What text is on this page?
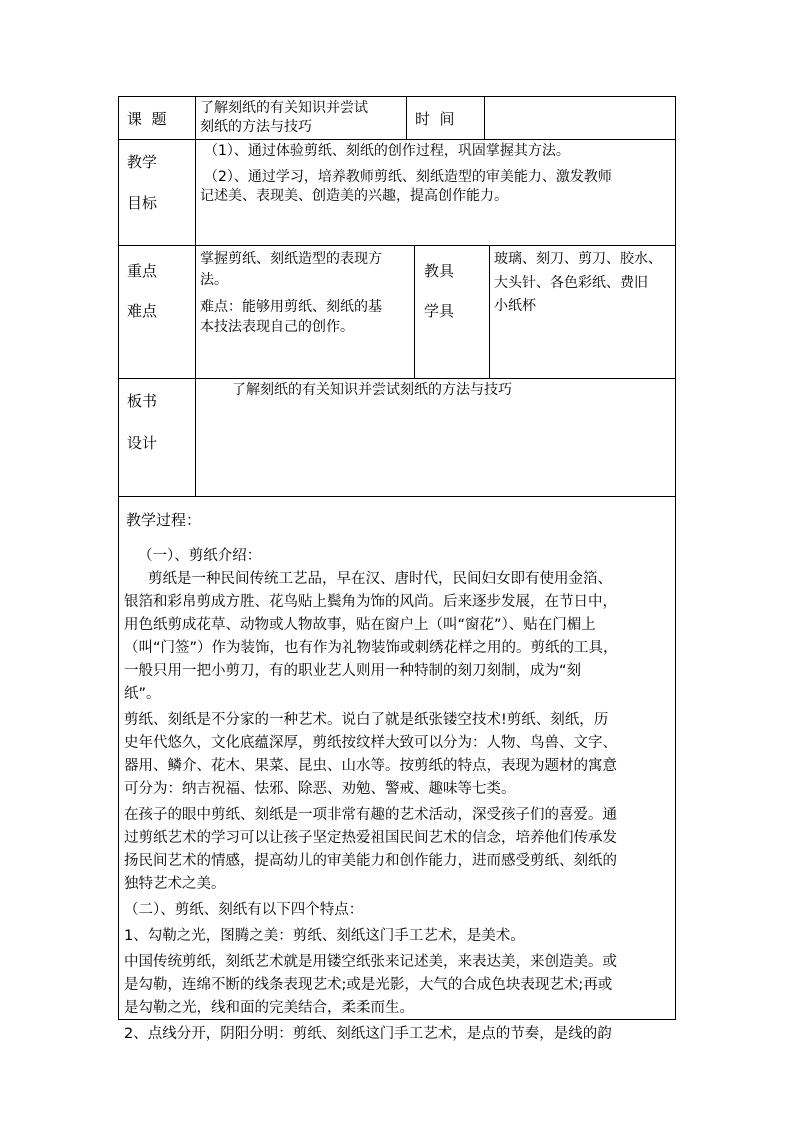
课  题
了解刻纸的有关知识并尝试
刻纸的方法与技巧	时  间
教学
目标
（1）、通过体验剪纸、刻纸的创作过程，巩固掌握其方法。
（2）、通过学习，培养教师剪纸、刻纸造型的审美能力、激发教师
记述美、表现美、创造美的兴趣，提高创作能力。
重点
难点
掌握剪纸、刻纸造型的表现方
法。
难点：能够用剪纸、刻纸的基
本技法表现自己的创作。
教具
学具
玻璃、刻刀、剪刀、胶水、
大头针、各色彩纸、费旧
小纸杯
板书
设计
了解刻纸的有关知识并尝试刻纸的方法与技巧
教学过程：
（一）、剪纸介绍：
剪纸是一种民间传统工艺品，早在汉、唐时代，民间妇女即有使用金箔、
银箔和彩帛剪成方胜、花鸟贴上鬓角为饰的风尚。后来逐步发展，在节日中，
用色纸剪成花草、动物或人物故事，贴在窗户上（叫“窗花”）、贴在门楣上
（叫“门签”）作为装饰，也有作为礼物装饰或刺绣花样之用的。剪纸的工具，
一般只用一把小剪刀，有的职业艺人则用一种特制的刻刀刻制，成为“刻
纸”。
剪纸、刻纸是不分家的一种艺术。说白了就是纸张镂空技术!剪纸、刻纸，历
史年代悠久，文化底蕴深厚，剪纸按纹样大致可以分为：人物、鸟兽、文字、
器用、鳞介、花木、果菜、昆虫、山水等。按剪纸的特点，表现为题材的寓意
可分为：纳吉祝福、怯邪、除恶、劝勉、警戒、趣味等七类。
在孩子的眼中剪纸、刻纸是一项非常有趣的艺术活动，深受孩子们的喜爱。通
过剪纸艺术的学习可以让孩子坚定热爱祖国民间艺术的信念，培养他们传承发
扬民间艺术的情感，提高幼儿的审美能力和创作能力，进而感受剪纸、刻纸的
独特艺术之美。
（二）、剪纸、刻纸有以下四个特点：
1、勾勒之光，图腾之美：剪纸、刻纸这门手工艺术，是美术。
中国传统剪纸，刻纸艺术就是用镂空纸张来记述美，来表达美，来创造美。或
是勾勒，连绵不断的线条表现艺术;或是光影，大气的合成色块表现艺术;再或
是勾勒之光，线和面的完美结合，柔柔而生。
2、点线分开，阴阳分明：剪纸、刻纸这门手工艺术，是点的节奏，是线的韵
